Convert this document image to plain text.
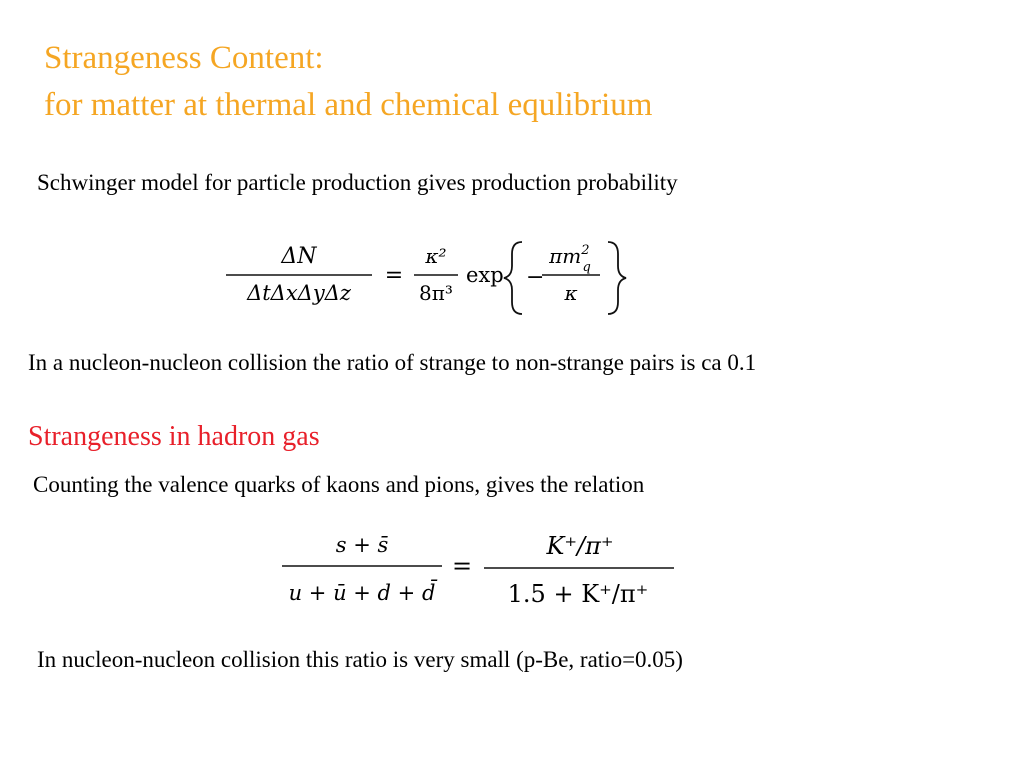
Strangeness Content:
for matter at thermal and chemical equlibrium
Schwinger model for particle production gives production probability
ΔN
ΔtΔxΔyΔz
=
κ²
8π³
exp −
$\pi m^2$ q
κ
In a nucleon-nucleon collision the ratio of strange to non-strange pairs is ca 0.1
Strangeness in hadron gas
Counting the valence quarks of kaons and pions, gives the relation
s + s̄
u + ū + d + d̄
=
K⁺/π⁺
1.5 + K⁺/π⁺
In nucleon-nucleon collision this ratio is very small (p-Be, ratio=0.05)
